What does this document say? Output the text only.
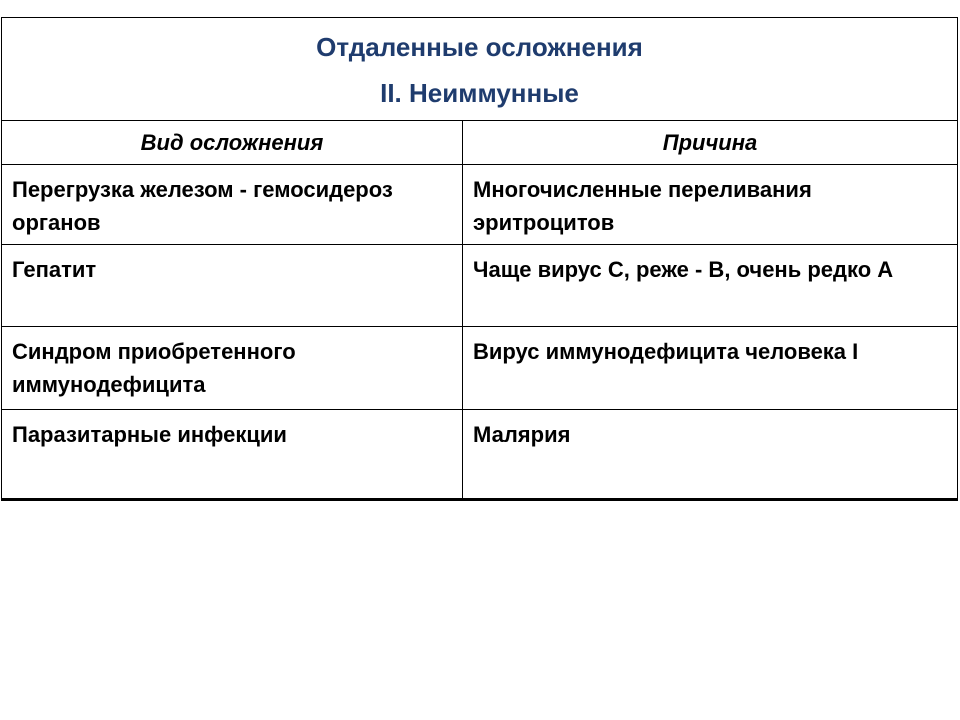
Отдаленные осложнения
II. Неиммунные	

Вид осложнения	Причина
Перегрузка железом - гемосидероз органов	Многочисленные переливания эритроцитов
Гепатит	Чаще вирус С, реже - В, очень редко А
Синдром приобретенного иммунодефицита	Вирус иммунодефицита человека I
Паразитарные инфекции	Малярия
